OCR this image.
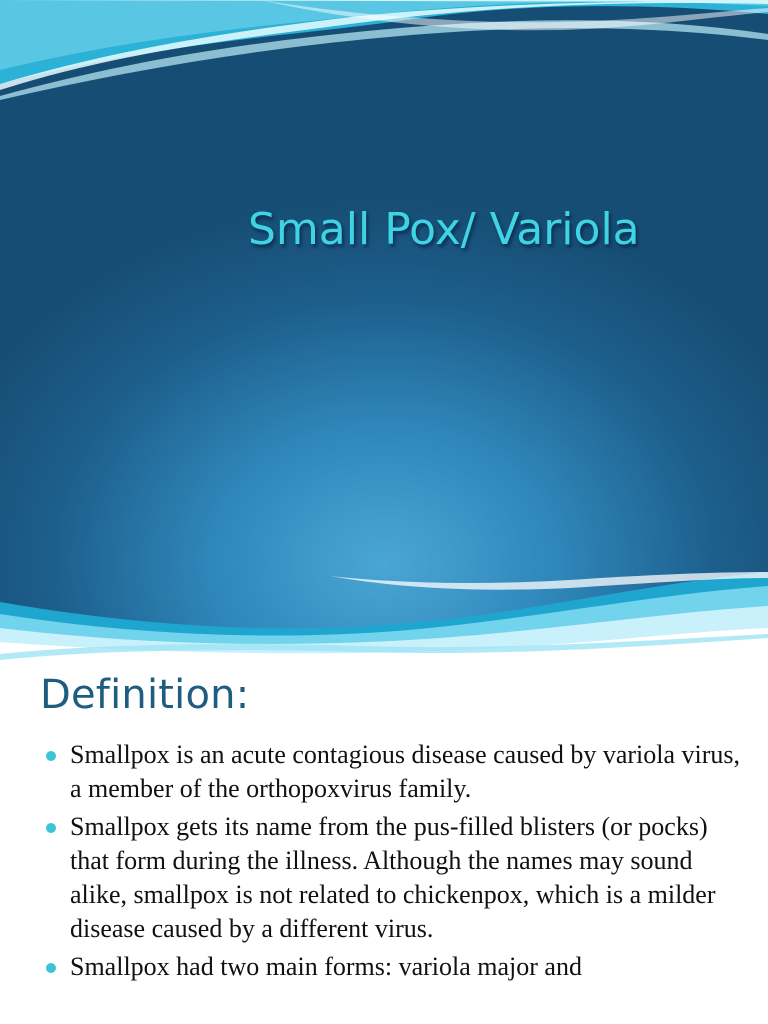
Small Pox/ Variola
Definition:
Smallpox is an acute contagious disease caused by variola virus, a member of the orthopoxvirus family.
Smallpox gets its name from the pus-filled blisters (or pocks) that form during the illness. Although the names may sound alike, smallpox is not related to chickenpox, which is a milder disease caused by a different virus.
Smallpox had two main forms: variola major and
